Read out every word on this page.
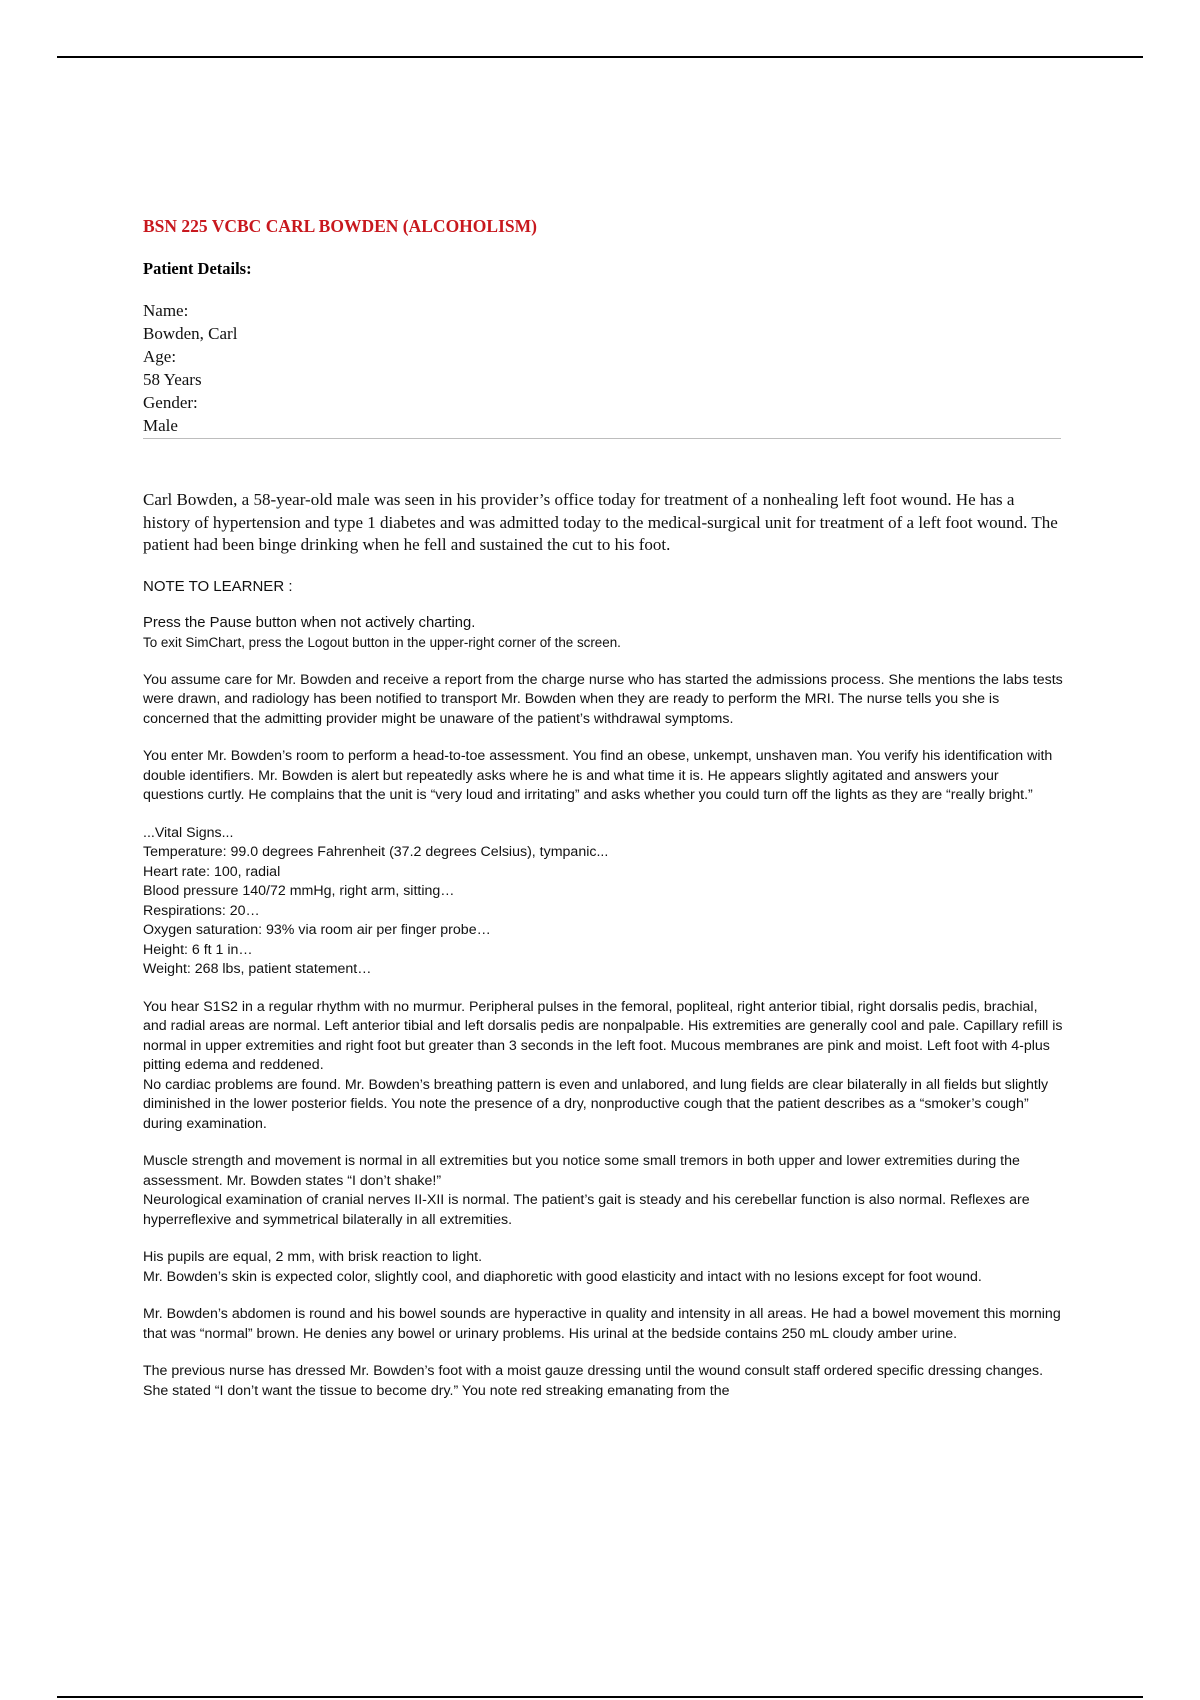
BSN 225 VCBC CARL BOWDEN (ALCOHOLISM)
Patient Details:
Name:
Bowden, Carl
Age:
58 Years
Gender:
Male

Carl Bowden, a 58-year-old male was seen in his provider’s office today for treatment of a nonhealing left foot wound. He has a history of hypertension and type 1 diabetes and was admitted today to the medical-surgical unit for treatment of a left foot wound. The patient had been binge drinking when he fell and sustained the cut to his foot.

NOTE TO LEARNER :
Press the Pause button when not actively charting.
To exit SimChart, press the Logout button in the upper-right corner of the screen.
You assume care for Mr. Bowden and receive a report from the charge nurse who has started the admissions process. She mentions the labs tests were drawn, and radiology has been notified to transport Mr. Bowden when they are ready to perform the MRI. The nurse tells you she is concerned that the admitting provider might be unaware of the patient’s withdrawal symptoms.
You enter Mr. Bowden’s room to perform a head-to-toe assessment. You find an obese, unkempt, unshaven man. You verify his identification with double identifiers. Mr. Bowden is alert but repeatedly asks where he is and what time it is. He appears slightly agitated and answers your questions curtly. He complains that the unit is “very loud and irritating” and asks whether you could turn off the lights as they are “really bright.”
...Vital Signs...
Temperature: 99.0 degrees Fahrenheit (37.2 degrees Celsius), tympanic...
Heart rate: 100, radial
Blood pressure 140/72 mmHg, right arm, sitting…
Respirations: 20…
Oxygen saturation: 93% via room air per finger probe…
Height: 6 ft 1 in…
Weight: 268 lbs, patient statement…
You hear S1S2 in a regular rhythm with no murmur. Peripheral pulses in the femoral, popliteal, right anterior tibial, right dorsalis pedis, brachial, and radial areas are normal. Left anterior tibial and left dorsalis pedis are nonpalpable. His extremities are generally cool and pale. Capillary refill is normal in upper extremities and right foot but greater than 3 seconds in the left foot. Mucous membranes are pink and moist. Left foot with 4-plus pitting edema and reddened.
No cardiac problems are found. Mr. Bowden’s breathing pattern is even and unlabored, and lung fields are clear bilaterally in all fields but slightly diminished in the lower posterior fields. You note the presence of a dry, nonproductive cough that the patient describes as a “smoker’s cough” during examination.
Muscle strength and movement is normal in all extremities but you notice some small tremors in both upper and lower extremities during the assessment. Mr. Bowden states “I don’t shake!”
Neurological examination of cranial nerves II-XII is normal. The patient’s gait is steady and his cerebellar function is also normal. Reflexes are hyperreflexive and symmetrical bilaterally in all extremities.
His pupils are equal, 2 mm, with brisk reaction to light.
Mr. Bowden’s skin is expected color, slightly cool, and diaphoretic with good elasticity and intact with no lesions except for foot wound.
Mr. Bowden’s abdomen is round and his bowel sounds are hyperactive in quality and intensity in all areas. He had a bowel movement this morning that was “normal” brown. He denies any bowel or urinary problems. His urinal at the bedside contains 250 mL cloudy amber urine.
The previous nurse has dressed Mr. Bowden’s foot with a moist gauze dressing until the wound consult staff ordered specific dressing changes. She stated “I don’t want the tissue to become dry.” You note red streaking emanating from the
